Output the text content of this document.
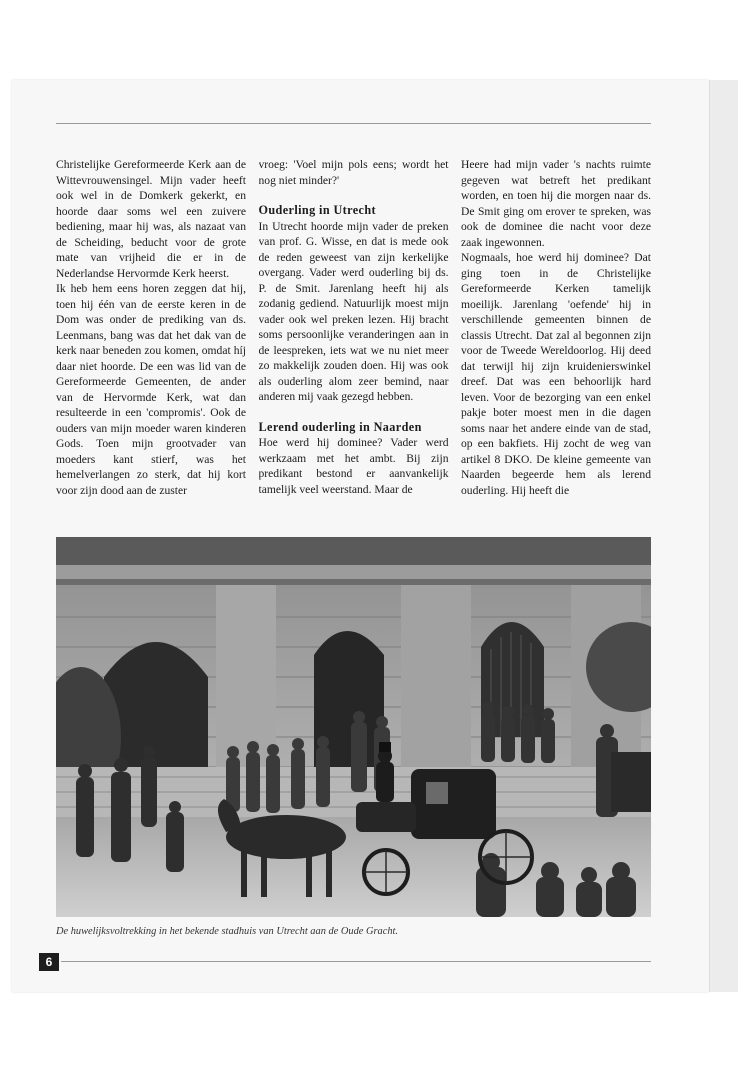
Christelijke Gereformeerde Kerk aan de Wittevrouwensingel. Mijn vader heeft ook wel in de Domkerk gekerkt, en hoorde daar soms wel een zuivere bediening, maar hij was, als nazaat van de Scheiding, beducht voor de grote mate van vrijheid die er in de Nederlandse Hervormde Kerk heerst.

Ik heb hem eens horen zeggen dat hij, toen hij één van de eerste keren in de Dom was onder de prediking van ds. Leenmans, bang was dat het dak van de kerk naar beneden zou komen, omdat híj daar niet hoorde. De een was lid van de Gereformeerde Gemeenten, de ander van de Hervormde Kerk, wat dan resulteerde in een 'compromis'. Ook de ouders van mijn moeder waren kinderen Gods. Toen mijn grootvader van moeders kant stierf, was het hemelverlangen zo sterk, dat hij kort voor zijn dood aan de zuster

vroeg: 'Voel mijn pols eens; wordt het nog niet minder?'

Ouderling in Utrecht

In Utrecht hoorde mijn vader de preken van prof. G. Wisse, en dat is mede ook de reden geweest van zijn kerkelijke overgang. Vader werd ouderling bij ds. P. de Smit. Jarenlang heeft hij als zodanig gediend. Natuurlijk moest mijn vader ook wel preken lezen. Hij bracht soms persoonlijke veranderingen aan in de leespreken, iets wat we nu niet meer zo makkelijk zouden doen. Hij was ook als ouderling alom zeer bemind, naar anderen mij vaak gezegd hebben.

Lerend ouderling in Naarden

Hoe werd hij dominee? Vader werd werkzaam met het ambt. Bij zijn predikant bestond er aanvankelijk tamelijk veel weerstand. Maar de

Heere had mijn vader 's nachts ruimte gegeven wat betreft het predikant worden, en toen hij die morgen naar ds. De Smit ging om erover te spreken, was ook de dominee die nacht voor deze zaak ingewonnen.

Nogmaals, hoe werd hij dominee? Dat ging toen in de Christelijke Gereformeerde Kerken tamelijk moeilijk. Jarenlang 'oefende' hij in verschillende gemeenten binnen de classis Utrecht. Dat zal al begonnen zijn voor de Tweede Wereldoorlog. Hij deed dat terwijl hij zijn kruidenierswinkel dreef. Dat was een behoorlijk hard leven. Voor de bezorging van een enkel pakje boter moest men in die dagen soms naar het andere einde van de stad, op een bakfiets. Hij zocht de weg van artikel 8 DKO. De kleine gemeente van Naarden begeerde hem als lerend ouderling. Hij heeft die

De huwelijksvoltrekking in het bekende stadhuis van Utrecht aan de Oude Gracht.
6
